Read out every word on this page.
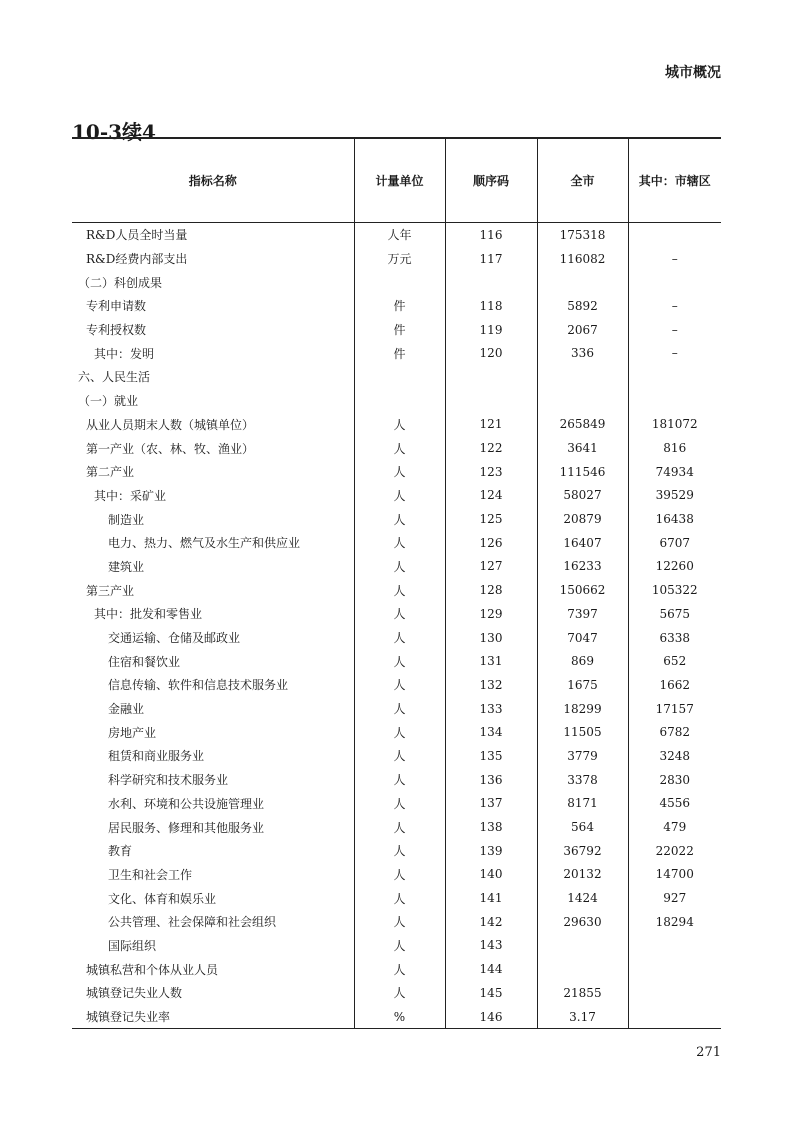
城市概况
10-3续4
指标名称	计量单位	顺序码	全市	其中：市辖区
R&D人员全时当量	人年	116	175318	
R&D经费内部支出	万元	117	116082	–
（二）科创成果				
专利申请数	件	118	5892	–
专利授权数	件	119	2067	–
其中：发明	件	120	336	–
六、人民生活				
（一）就业				
从业人员期末人数（城镇单位）	人	121	265849	181072
第一产业（农、林、牧、渔业）	人	122	3641	816
第二产业	人	123	111546	74934
其中：采矿业	人	124	58027	39529
制造业	人	125	20879	16438
电力、热力、燃气及水生产和供应业	人	126	16407	6707
建筑业	人	127	16233	12260
第三产业	人	128	150662	105322
其中：批发和零售业	人	129	7397	5675
交通运输、仓储及邮政业	人	130	7047	6338
住宿和餐饮业	人	131	869	652
信息传输、软件和信息技术服务业	人	132	1675	1662
金融业	人	133	18299	17157
房地产业	人	134	11505	6782
租赁和商业服务业	人	135	3779	3248
科学研究和技术服务业	人	136	3378	2830
水利、环境和公共设施管理业	人	137	8171	4556
居民服务、修理和其他服务业	人	138	564	479
教育	人	139	36792	22022
卫生和社会工作	人	140	20132	14700
文化、体育和娱乐业	人	141	1424	927
公共管理、社会保障和社会组织	人	142	29630	18294
国际组织	人	143		
城镇私营和个体从业人员	人	144		
城镇登记失业人数	人	145	21855	
城镇登记失业率	%	146	3.17	
271
